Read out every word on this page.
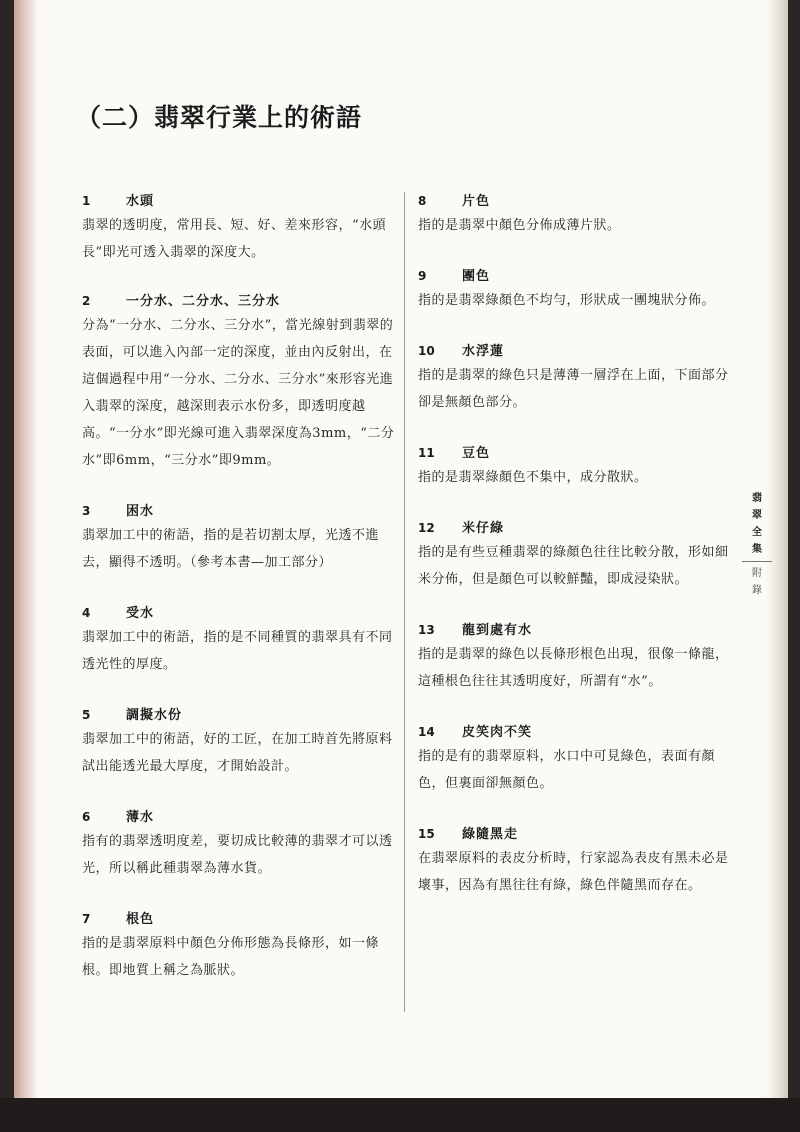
（二）翡翠行業上的術語
1	水頭
翡翠的透明度，常用長、短、好、差來形容，“水頭長”即光可透入翡翠的深度大。
2	一分水、二分水、三分水
分為“一分水、二分水、三分水”，當光線射到翡翠的表面，可以進入內部一定的深度，並由內反射出，在這個過程中用“一分水、二分水、三分水”來形容光進入翡翠的深度，越深則表示水份多，即透明度越高。“一分水”即光線可進入翡翠深度為3mm，“二分水”即6mm，“三分水”即9mm。
3	困水
翡翠加工中的術語，指的是若切割太厚，光透不進去，顯得不透明。（參考本書—加工部分）
4	受水
翡翠加工中的術語，指的是不同種質的翡翠具有不同透光性的厚度。
5	調擬水份
翡翠加工中的術語，好的工匠，在加工時首先將原料試出能透光最大厚度，才開始設計。
6	薄水
指有的翡翠透明度差，要切成比較薄的翡翠才可以透光，所以稱此種翡翠為薄水貨。
7	根色
指的是翡翠原料中顏色分佈形態為長條形，如一條根。即地質上稱之為脈狀。
8	片色
指的是翡翠中顏色分佈成薄片狀。
9	團色
指的是翡翠綠顏色不均勻，形狀成一團塊狀分佈。
10	水浮蓮
指的是翡翠的綠色只是薄薄一層浮在上面，下面部分卻是無顏色部分。
11	豆色
指的是翡翠綠顏色不集中，成分散狀。
12	米仔綠
指的是有些豆種翡翠的綠顏色往往比較分散，形如細米分佈，但是顏色可以較鮮豔，即成浸染狀。
13	龍到處有水
指的是翡翠的綠色以長條形根色出現，很像一條龍，這種根色往往其透明度好，所謂有“水”。
14	皮笑肉不笑
指的是有的翡翠原料，水口中可見綠色，表面有顏色，但裏面卻無顏色。
15	綠隨黑走
在翡翠原料的表皮分析時，行家認為表皮有黑未必是壞事，因為有黑往往有綠，綠色伴隨黑而存在。
翡翠全集
附錄
